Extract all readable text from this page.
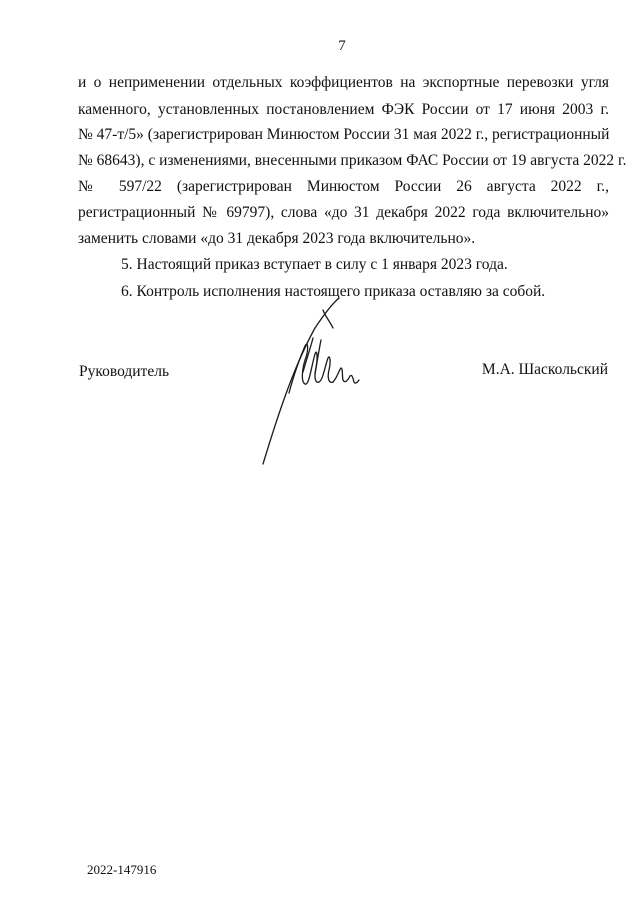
7
и о неприменении отдельных коэффициентов на экспортные перевозки угля
каменного, установленных постановлением ФЭК России от 17 июня 2003 г.
№ 47-т/5» (зарегистрирован Минюстом России 31 мая 2022 г., регистрационный
№ 68643), с изменениями, внесенными приказом ФАС России от 19 августа 2022 г.
№ 597/22 (зарегистрирован Минюстом России 26 августа 2022 г.,
регистрационный № 69797), слова «до 31 декабря 2022 года включительно»
заменить словами «до 31 декабря 2023 года включительно».
5. Настоящий приказ вступает в силу с 1 января 2023 года.
6. Контроль исполнения настоящего приказа оставляю за собой.
Руководитель	М.А. Шаскольский
2022-147916
